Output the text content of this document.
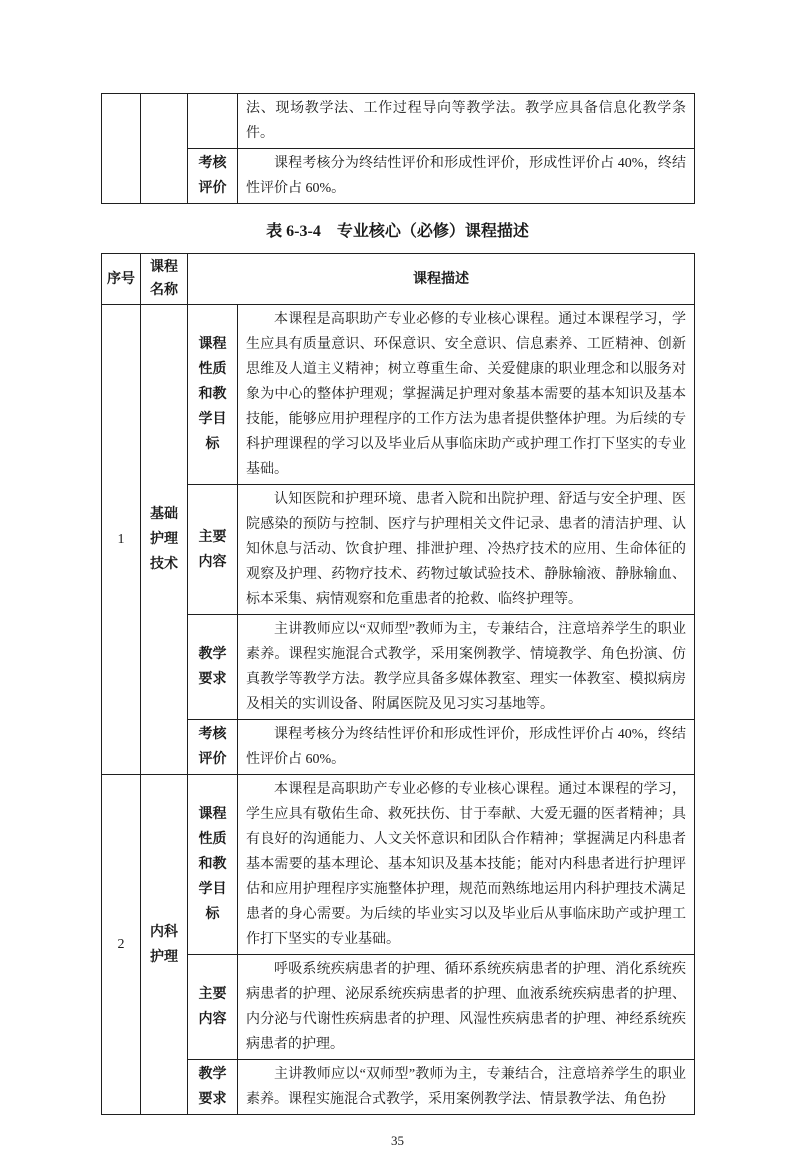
			法、现场教学法、工作过程导向等教学法。教学应具备信息化教学条件。

		考核评价	课程考核分为终结性评价和形成性评价，形成性评价占 40%，终结性评价占 60%。
表 6-3-4　专业核心（必修）课程描述
序号	课程名称	课程描述	
1	基础护理技术	课程性质和教学目标	本课程是高职助产专业必修的专业核心课程。通过本课程学习，学生应具有质量意识、环保意识、安全意识、信息素养、工匠精神、创新思维及人道主义精神；树立尊重生命、关爱健康的职业理念和以服务对象为中心的整体护理观；掌握满足护理对象基本需要的基本知识及基本技能，能够应用护理程序的工作方法为患者提供整体护理。为后续的专科护理课程的学习以及毕业后从事临床助产或护理工作打下坚实的专业基础。

		主要内容	认知医院和护理环境、患者入院和出院护理、舒适与安全护理、医院感染的预防与控制、医疗与护理相关文件记录、患者的清洁护理、认知休息与活动、饮食护理、排泄护理、冷热疗技术的应用、生命体征的观察及护理、药物疗技术、药物过敏试验技术、静脉输液、静脉输血、标本采集、病情观察和危重患者的抢救、临终护理等。

		教学要求	主讲教师应以“双师型”教师为主，专兼结合，注意培养学生的职业素养。课程实施混合式教学，采用案例教学、情境教学、角色扮演、仿真教学等教学方法。教学应具备多媒体教室、理实一体教室、模拟病房及相关的实训设备、附属医院及见习实习基地等。

		考核评价	课程考核分为终结性评价和形成性评价，形成性评价占 40%，终结性评价占 60%。

2	内科护理	课程性质和教学目标	本课程是高职助产专业必修的专业核心课程。通过本课程的学习，学生应具有敬佑生命、救死扶伤、甘于奉献、大爱无疆的医者精神；具有良好的沟通能力、人文关怀意识和团队合作精神；掌握满足内科患者基本需要的基本理论、基本知识及基本技能；能对内科患者进行护理评估和应用护理程序实施整体护理，规范而熟练地运用内科护理技术满足患者的身心需要。为后续的毕业实习以及毕业后从事临床助产或护理工作打下坚实的专业基础。

		主要内容	呼吸系统疾病患者的护理、循环系统疾病患者的护理、消化系统疾病患者的护理、泌尿系统疾病患者的护理、血液系统疾病患者的护理、内分泌与代谢性疾病患者的护理、风湿性疾病患者的护理、神经系统疾病患者的护理。

		教学要求	主讲教师应以“双师型”教师为主，专兼结合，注意培养学生的职业素养。课程实施混合式教学，采用案例教学法、情景教学法、角色扮
35
